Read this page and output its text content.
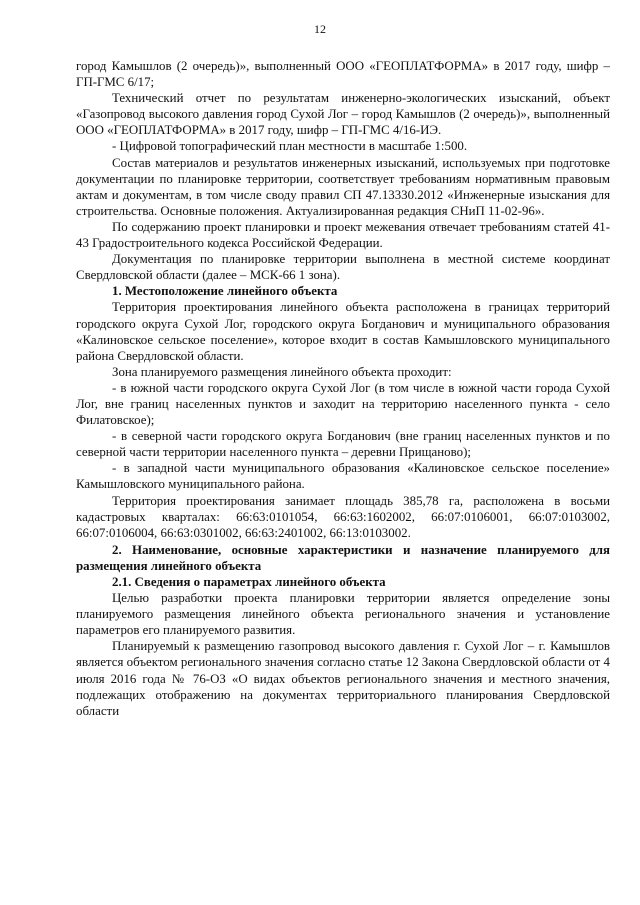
12

город Камышлов (2 очередь)», выполненный ООО «ГЕОПЛАТФОРМА» в 2017 году, шифр – ГП-ГМС 6/17;

Технический отчет по результатам инженерно-экологических изысканий, объект «Газопровод высокого давления город Сухой Лог – город Камышлов (2 очередь)», выполненный ООО «ГЕОПЛАТФОРМА» в 2017 году, шифр – ГП-ГМС 4/16-ИЭ.

- Цифровой топографический план местности в масштабе 1:500.

Состав материалов и результатов инженерных изысканий, используемых при подготовке документации по планировке территории, соответствует требованиям нормативным правовым актам и документам, в том числе своду правил СП 47.13330.2012 «Инженерные изыскания для строительства. Основные положения. Актуализированная редакция СНиП 11-02-96».

По содержанию проект планировки и проект межевания отвечает требованиям статей 41-43 Градостроительного кодекса Российской Федерации.

Документация по планировке территории выполнена в местной системе координат Свердловской области (далее – МСК-66 1 зона).

1. Местоположение линейного объекта

Территория проектирования линейного объекта расположена в границах территорий городского округа Сухой Лог, городского округа Богданович и муниципального образования «Калиновское сельское поселение», которое входит в состав Камышловского муниципального района Свердловской области.

Зона планируемого размещения линейного объекта проходит:

- в южной части городского округа Сухой Лог (в том числе в южной части города Сухой Лог, вне границ населенных пунктов и заходит на территорию населенного пункта - село Филатовское);

- в северной части городского округа Богданович (вне границ населенных пунктов и по северной части территории населенного пункта – деревни Прищаново);

- в западной части муниципального образования «Калиновское сельское поселение» Камышловского муниципального района.

Территория проектирования занимает площадь 385,78 га, расположена в восьми кадастровых кварталах: 66:63:0101054, 66:63:1602002, 66:07:0106001, 66:07:0103002, 66:07:0106004, 66:63:0301002, 66:63:2401002, 66:13:0103002.

2. Наименование, основные характеристики и назначение планируемого для размещения линейного объекта

2.1. Сведения о параметрах линейного объекта

Целью разработки проекта планировки территории является определение зоны планируемого размещения линейного объекта регионального значения и установление параметров его планируемого развития.

Планируемый к размещению газопровод высокого давления г. Сухой Лог – г. Камышлов является объектом регионального значения согласно статье 12 Закона Свердловской области от 4 июля 2016 года № 76-ОЗ «О видах объектов регионального значения и местного значения, подлежащих отображению на документах территориального планирования Свердловской области
